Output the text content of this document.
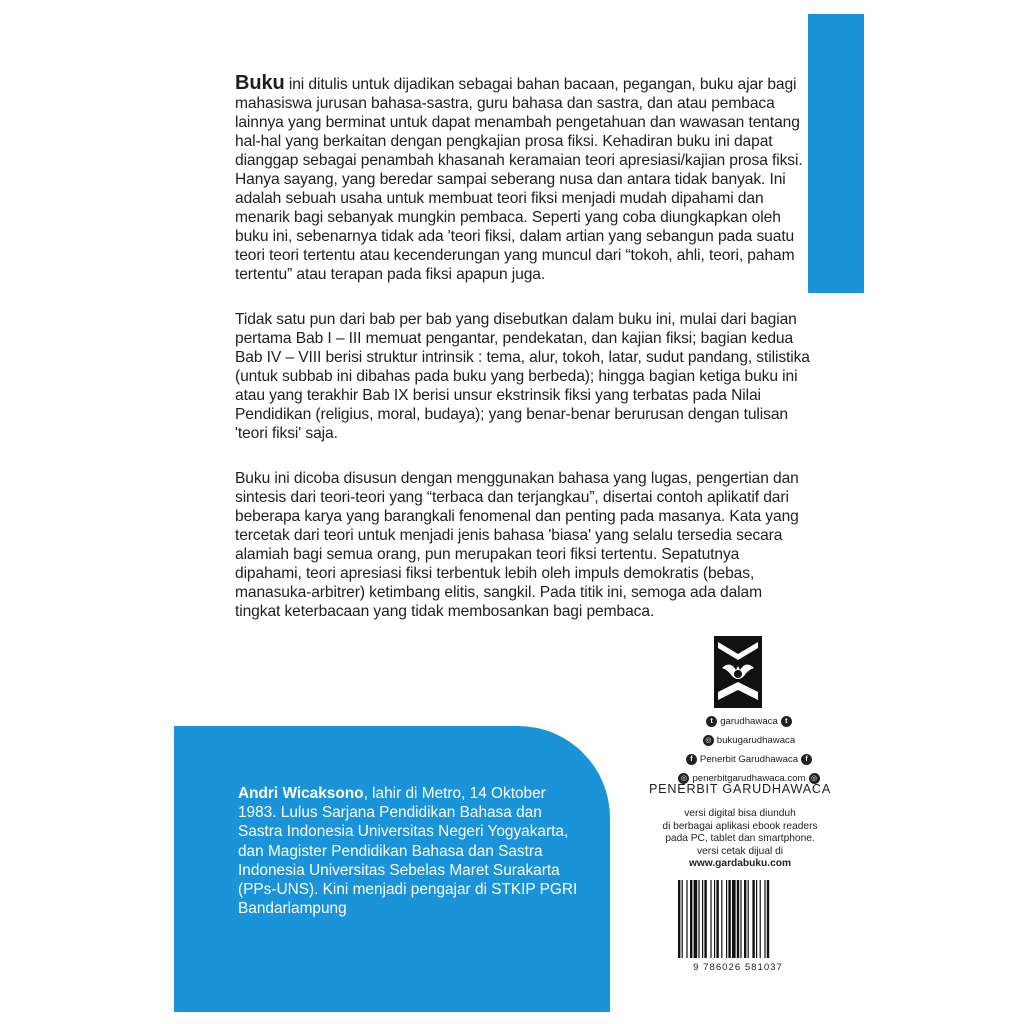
Buku ini ditulis untuk dijadikan sebagai bahan bacaan, pegangan, buku ajar bagi mahasiswa jurusan bahasa-sastra, guru bahasa dan sastra, dan atau pembaca lainnya yang berminat untuk dapat menambah pengetahuan dan wawasan tentang hal-hal yang berkaitan dengan pengkajian prosa fiksi. Kehadiran buku ini dapat dianggap sebagai penambah khasanah keramaian teori apresiasi/kajian prosa fiksi. Hanya sayang, yang beredar sampai seberang nusa dan antara tidak banyak. Ini adalah sebuah usaha untuk membuat teori fiksi menjadi mudah dipahami dan menarik bagi sebanyak mungkin pembaca. Seperti yang coba diungkapkan oleh buku ini, sebenarnya tidak ada 'teori fiksi, dalam artian yang sebangun pada suatu teori teori tertentu atau kecenderungan yang muncul dari “tokoh, ahli, teori, paham tertentu” atau terapan pada fiksi apapun juga.

Tidak satu pun dari bab per bab yang disebutkan dalam buku ini, mulai dari bagian pertama Bab I – III memuat pengantar, pendekatan, dan kajian fiksi; bagian kedua Bab IV – VIII berisi struktur intrinsik : tema, alur, tokoh, latar, sudut pandang, stilistika (untuk subbab ini dibahas pada buku yang berbeda); hingga bagian ketiga buku ini atau yang terakhir Bab IX berisi unsur ekstrinsik fiksi yang terbatas pada Nilai Pendidikan (religius, moral, budaya); yang benar-benar berurusan dengan tulisan 'teori fiksi' saja.

Buku ini dicoba disusun dengan menggunakan bahasa yang lugas, pengertian dan sintesis dari teori-teori yang “terbaca dan terjangkau”, disertai contoh aplikatif dari beberapa karya yang barangkali fenomenal dan penting pada masanya. Kata yang tercetak dari teori untuk menjadi jenis bahasa 'biasa' yang selalu tersedia secara alamiah bagi semua orang, pun merupakan teori fiksi tertentu. Sepatutnya dipahami, teori apresiasi fiksi terbentuk lebih oleh impuls demokratis (bebas, manasuka-arbitrer) ketimbang elitis, sangkil. Pada titik ini, semoga ada dalam tingkat keterbacaan yang tidak membosankan bagi pembaca.

Andri Wicaksono, lahir di Metro, 14 Oktober 1983. Lulus Sarjana Pendidikan Bahasa dan Sastra Indonesia Universitas Negeri Yogyakarta, dan Magister Pendidikan Bahasa dan Sastra Indonesia Universitas Sebelas Maret Surakarta (PPs-UNS). Kini menjadi pengajar di STKIP PGRI Bandarlampung
t garudhawaca	t
◎ bukugarudhawaca
f Penerbit Garudhawaca	f
◎ penerbitgarudhawaca.com ◎
PENERBIT GARUDHAWACA
versi digital bisa diunduh
di berbagai aplikasi ebook readers
pada PC, tablet dan smartphone.
versi cetak dijual di
www.gardabuku.com
9 786026 581037
